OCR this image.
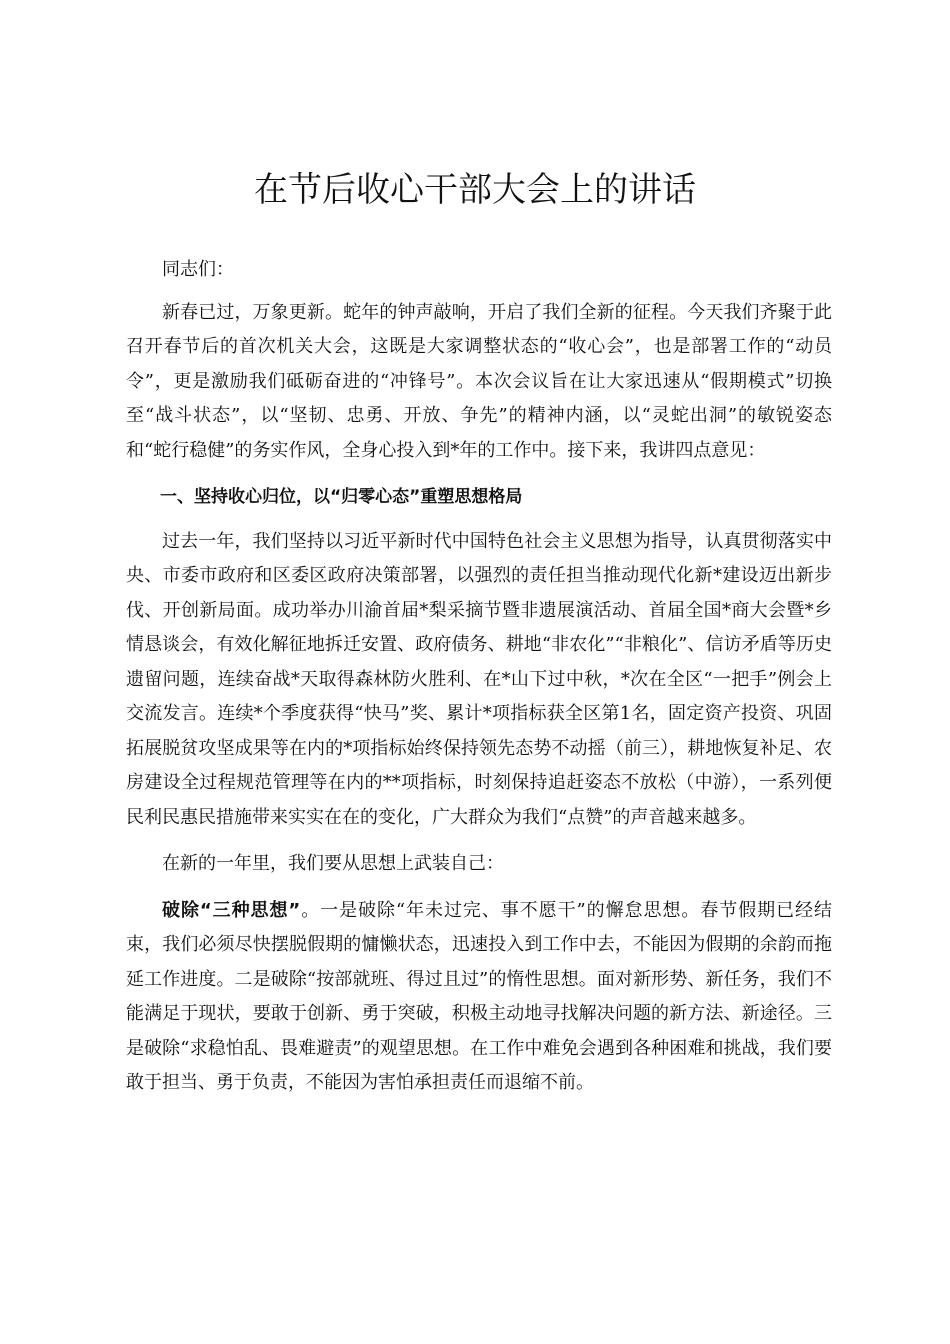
在节后收心干部大会上的讲话

同志们：

新春已过，万象更新。蛇年的钟声敲响，开启了我们全新的征程。今天我们齐聚于此召开春节后的首次机关大会，这既是大家调整状态的“收心会”，也是部署工作的“动员令”，更是激励我们砥砺奋进的“冲锋号”。本次会议旨在让大家迅速从“假期模式”切换至“战斗状态”，以“坚韧、忠勇、开放、争先”的精神内涵，以“灵蛇出洞”的敏锐姿态和“蛇行稳健”的务实作风，全身心投入到*年的工作中。接下来，我讲四点意见：

一、坚持收心归位，以“归零心态”重塑思想格局

过去一年，我们坚持以习近平新时代中国特色社会主义思想为指导，认真贯彻落实中央、市委市政府和区委区政府决策部署，以强烈的责任担当推动现代化新*建设迈出新步伐、开创新局面。成功举办川渝首届*梨采摘节暨非遗展演活动、首届全国*商大会暨*乡情恳谈会，有效化解征地拆迁安置、政府债务、耕地“非农化”“非粮化”、信访矛盾等历史遗留问题，连续奋战*天取得森林防火胜利、在*山下过中秋，*次在全区“一把手”例会上交流发言。连续*个季度获得“快马”奖、累计*项指标获全区第1名，固定资产投资、巩固拓展脱贫攻坚成果等在内的*项指标始终保持领先态势不动摇（前三），耕地恢复补足、农房建设全过程规范管理等在内的**项指标，时刻保持追赶姿态不放松（中游），一系列便民利民惠民措施带来实实在在的变化，广大群众为我们“点赞”的声音越来越多。

在新的一年里，我们要从思想上武装自己：

破除“三种思想”。一是破除“年未过完、事不愿干”的懈怠思想。春节假期已经结束，我们必须尽快摆脱假期的慵懒状态，迅速投入到工作中去，不能因为假期的余韵而拖延工作进度。二是破除“按部就班、得过且过”的惰性思想。面对新形势、新任务，我们不能满足于现状，要敢于创新、勇于突破，积极主动地寻找解决问题的新方法、新途径。三是破除“求稳怕乱、畏难避责”的观望思想。在工作中难免会遇到各种困难和挑战，我们要敢于担当、勇于负责，不能因为害怕承担责任而退缩不前。
